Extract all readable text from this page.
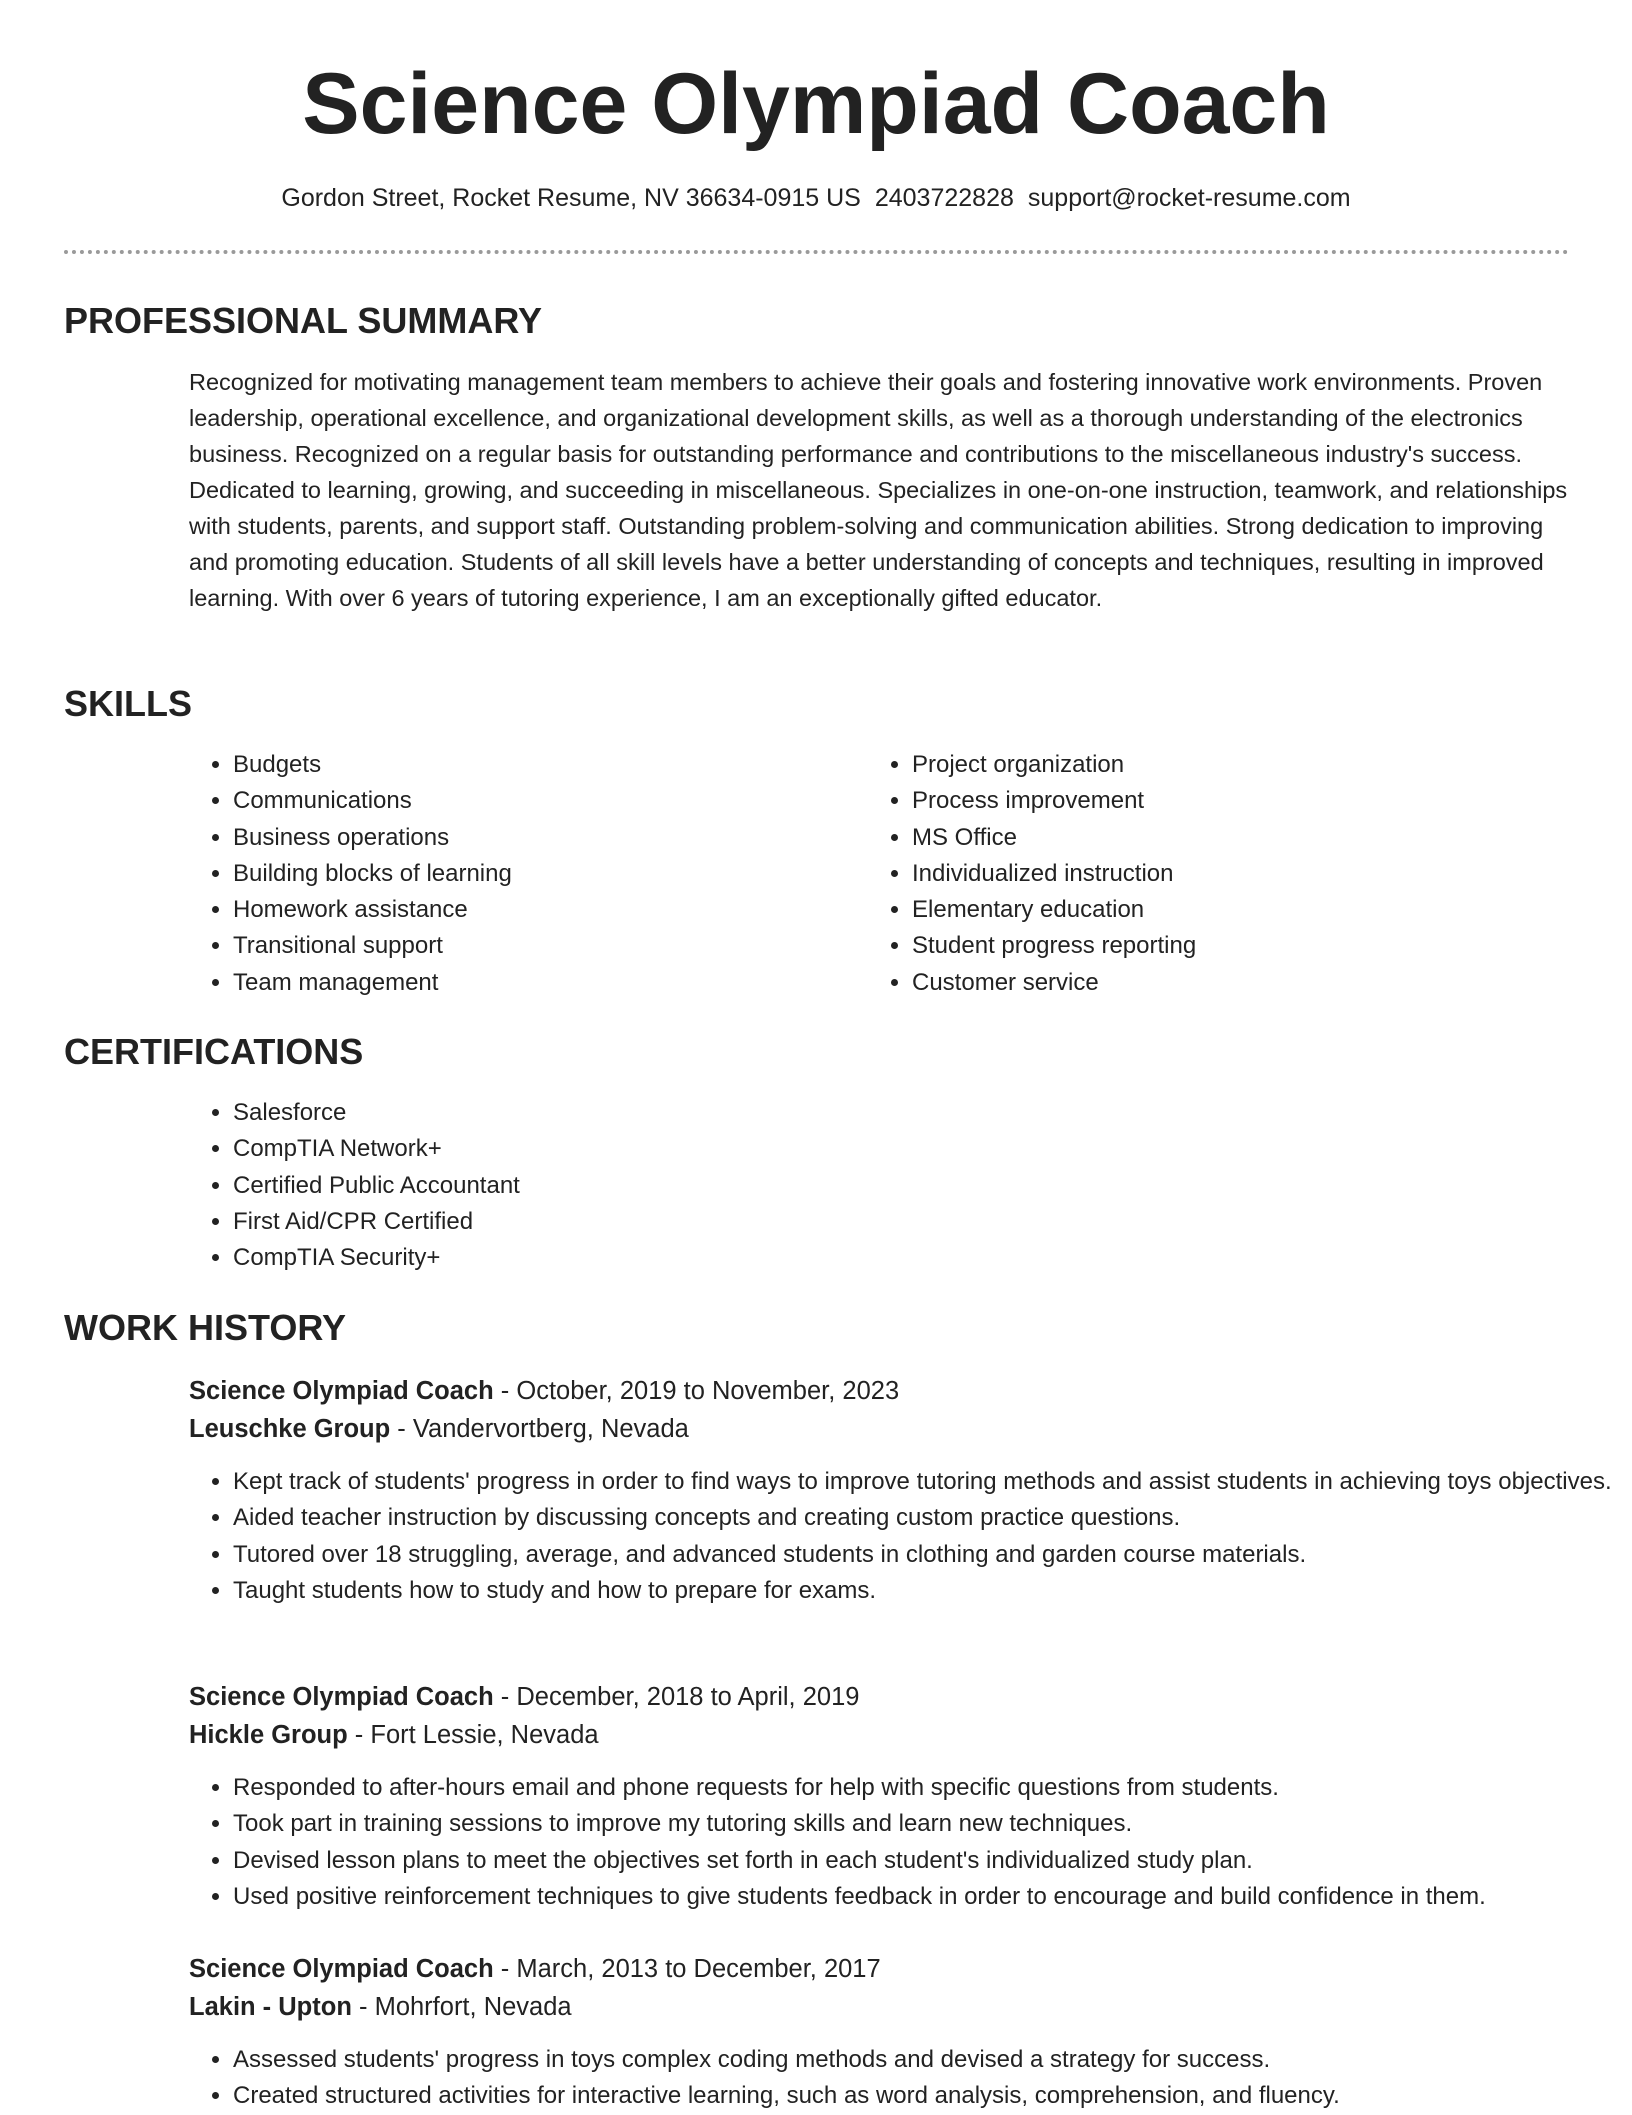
Science Olympiad Coach
Gordon Street, Rocket Resume, NV 36634-0915 US 2403722828 support@rocket-resume.com
PROFESSIONAL SUMMARY

Recognized for motivating management team members to achieve their goals and fostering innovative work environments. Proven leadership, operational excellence, and organizational development skills, as well as a thorough understanding of the electronics business. Recognized on a regular basis for outstanding performance and contributions to the miscellaneous industry's success. Dedicated to learning, growing, and succeeding in miscellaneous. Specializes in one-on-one instruction, teamwork, and relationships with students, parents, and support staff. Outstanding problem-solving and communication abilities. Strong dedication to improving and promoting education. Students of all skill levels have a better understanding of concepts and techniques, resulting in improved learning. With over 6 years of tutoring experience, I am an exceptionally gifted educator.

SKILLS
• Budgets
• Communications
• Business operations
• Building blocks of learning
• Homework assistance
• Transitional support
• Team management
• Project organization
• Process improvement
• MS Office
• Individualized instruction
• Elementary education
• Student progress reporting
• Customer service
CERTIFICATIONS
• Salesforce
• CompTIA Network+
• Certified Public Accountant
• First Aid/CPR Certified
• CompTIA Security+
WORK HISTORY
Science Olympiad Coach - October, 2019 to November, 2023
Leuschke Group - Vandervortberg, Nevada
• Kept track of students' progress in order to find ways to improve tutoring methods and assist students in achieving toys objectives.
• Aided teacher instruction by discussing concepts and creating custom practice questions.
• Tutored over 18 struggling, average, and advanced students in clothing and garden course materials.
• Taught students how to study and how to prepare for exams.
Science Olympiad Coach - December, 2018 to April, 2019
Hickle Group - Fort Lessie, Nevada
• Responded to after-hours email and phone requests for help with specific questions from students.
• Took part in training sessions to improve my tutoring skills and learn new techniques.
• Devised lesson plans to meet the objectives set forth in each student's individualized study plan.
• Used positive reinforcement techniques to give students feedback in order to encourage and build confidence in them.
Science Olympiad Coach - March, 2013 to December, 2017
Lakin - Upton - Mohrfort, Nevada
• Assessed students' progress in toys complex coding methods and devised a strategy for success.
• Created structured activities for interactive learning, such as word analysis, comprehension, and fluency.
